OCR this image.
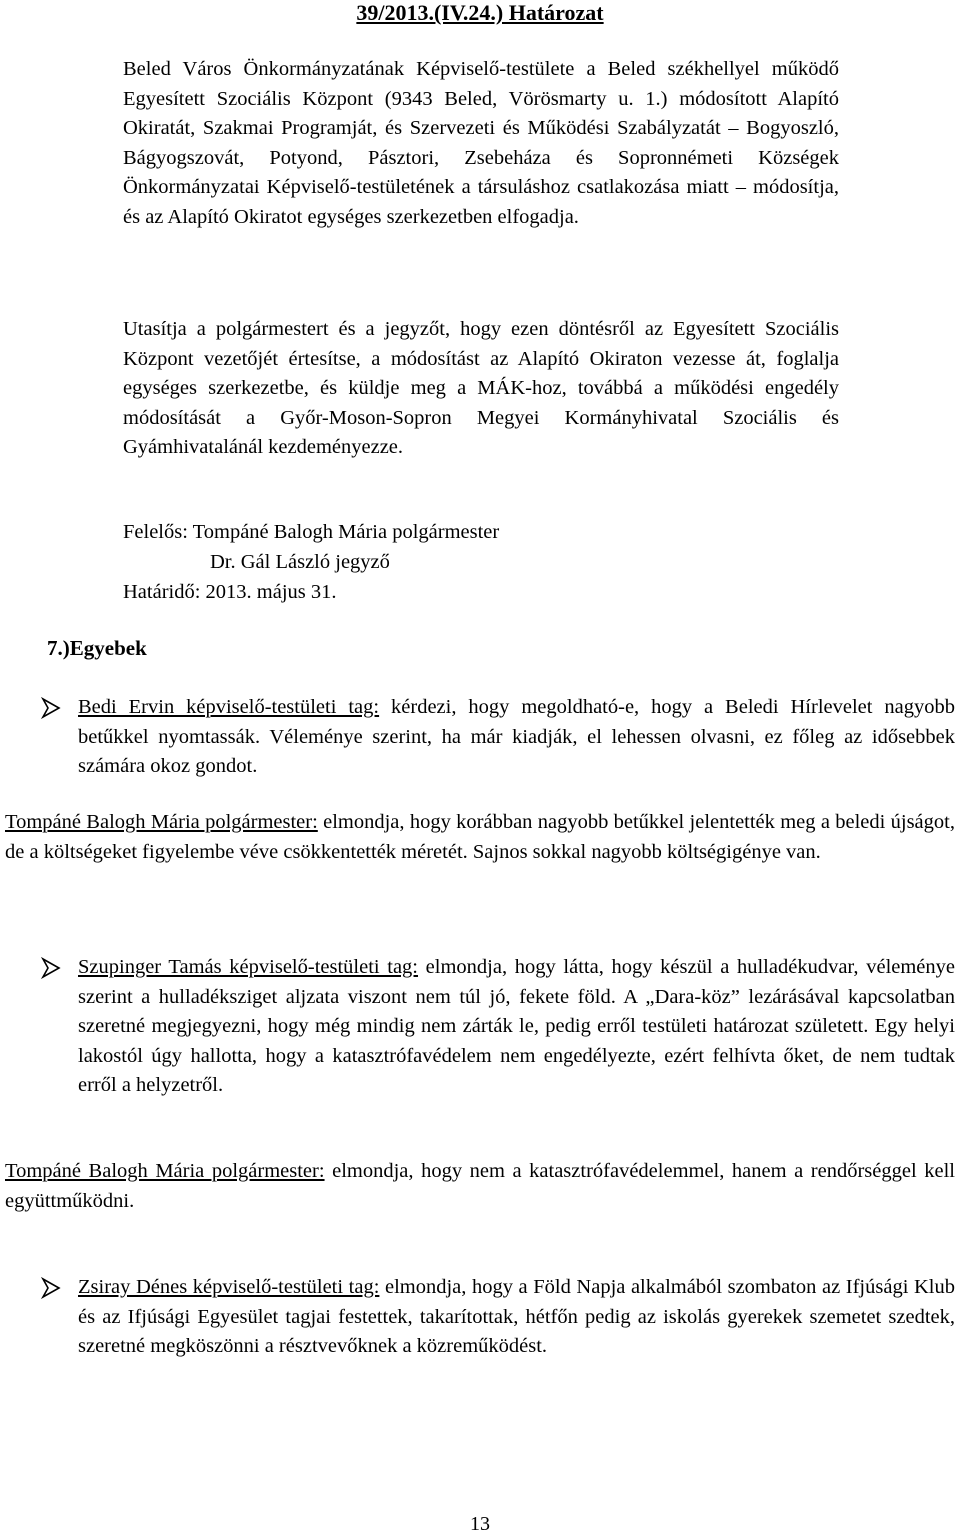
39/2013.(IV.24.) Határozat

Beled Város Önkormányzatának Képviselő-testülete a Beled székhellyel működő Egyesített Szociális Központ (9343 Beled, Vörösmarty u. 1.) módosított Alapító Okiratát, Szakmai Programját, és Szervezeti és Működési Szabályzatát – Bogyoszló, Bágyogszovát, Potyond, Pásztori, Zsebeháza és Sopronnémeti Községek Önkormányzatai Képviselő-testületének a társuláshoz csatlakozása miatt – módosítja, és az Alapító Okiratot egységes szerkezetben elfogadja.

Utasítja a polgármestert és a jegyzőt, hogy ezen döntésről az Egyesített Szociális Központ vezetőjét értesítse, a módosítást az Alapító Okiraton vezesse át, foglalja egységes szerkezetbe, és küldje meg a MÁK-hoz, továbbá a működési engedély módosítását a Győr-Moson-Sopron Megyei Kormányhivatal Szociális és Gyámhivatalánál kezdeményezze.

Felelős: Tompáné Balogh Mária polgármester
Dr. Gál László jegyző
Határidő: 2013. május 31.
7.)Egyebek

Bedi Ervin képviselő-testületi tag: kérdezi, hogy megoldható-e, hogy a Beledi Hírlevelet nagyobb betűkkel nyomtassák. Véleménye szerint, ha már kiadják, el lehessen olvasni, ez főleg az idősebbek számára okoz gondot.

Tompáné Balogh Mária polgármester: elmondja, hogy korábban nagyobb betűkkel jelentették meg a beledi újságot, de a költségeket figyelembe véve csökkentették méretét. Sajnos sokkal nagyobb költségigénye van.

Szupinger Tamás képviselő-testületi tag: elmondja, hogy látta, hogy készül a hulladékudvar, véleménye szerint a hulladéksziget aljzata viszont nem túl jó, fekete föld. A „Dara-köz” lezárásával kapcsolatban szeretné megjegyezni, hogy még mindig nem zárták le, pedig erről testületi határozat született. Egy helyi lakostól úgy hallotta, hogy a katasztrófavédelem nem engedélyezte, ezért felhívta őket, de nem tudtak erről a helyzetről.

Tompáné Balogh Mária polgármester: elmondja, hogy nem a katasztrófavédelemmel, hanem a rendőrséggel kell együttműködni.

Zsiray Dénes képviselő-testületi tag: elmondja, hogy a Föld Napja alkalmából szombaton az Ifjúsági Klub és az Ifjúsági Egyesület tagjai festettek, takarítottak, hétfőn pedig az iskolás gyerekek szemetet szedtek, szeretné megköszönni a résztvevőknek a közreműködést.

13
